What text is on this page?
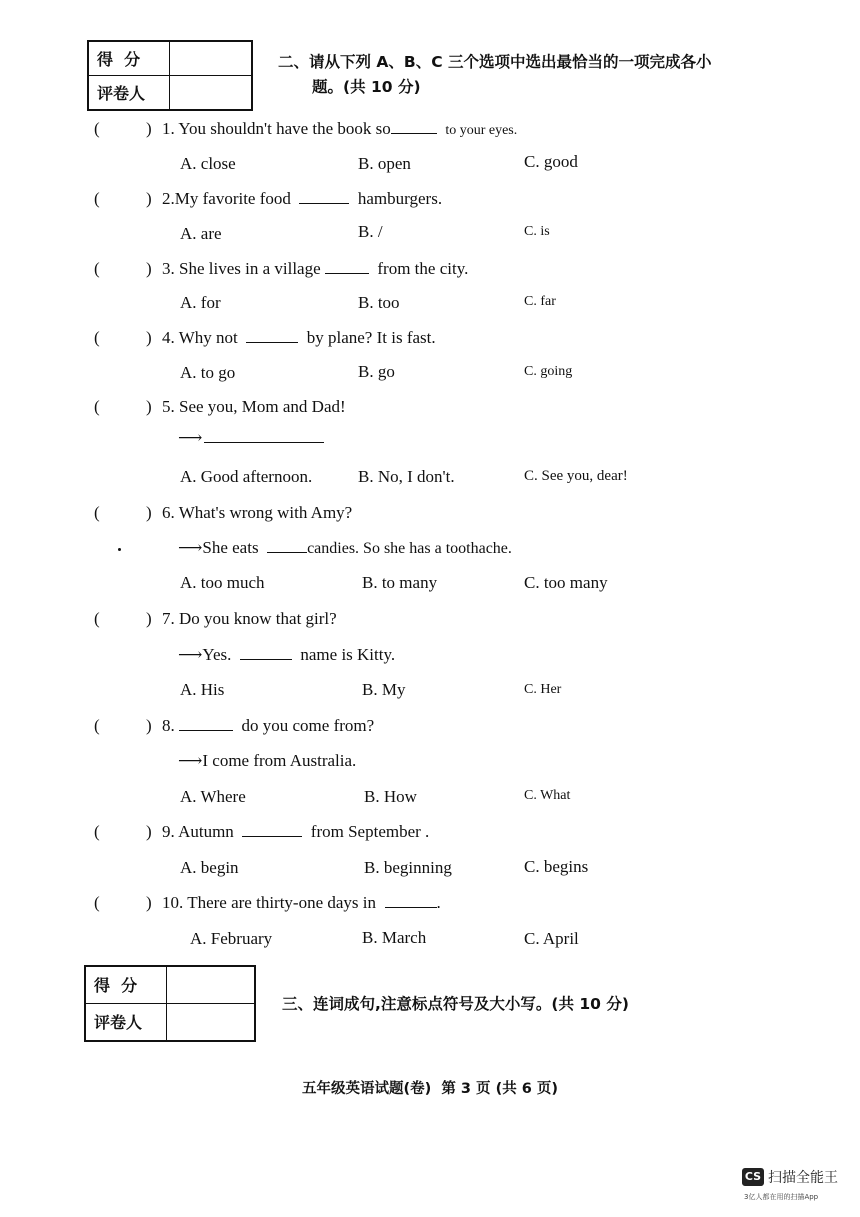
得  分	
评卷人	
二、请从下列 A、B、C 三个选项中选出最恰当的一项完成各小
题。(共 10 分)
(	) 1. You shouldn't have the book so	to your eyes.
A. close	B. open	C. good
(	) 2.My favorite food	hamburgers.
A. are	B. /	C. is
(	) 3. She lives in a village	from the city.
A. for	B. too	C. far
(	) 4. Why not	by plane? It is fast.
A. to go	B. go	C. going
(	) 5. See you, Mom and Dad!
⟶
A. Good afternoon.	B. No, I don't.	C. See you, dear!
(	) 6. What's wrong with Amy?
⟶She eats	candies. So she has a toothache.
A. too much	B. to many	C. too many
(	) 7. Do you know that girl?
⟶Yes.	name is Kitty.
A. His	B. My	C. Her
(	) 8.	do you come from?
⟶I come from Australia.
A. Where	B. How	C. What
(	) 9. Autumn	from September .
A. begin	B. beginning	C. begins
(	) 10. There are thirty-one days in	.
A. February	B. March	C. April
得  分	
评卷人	
三、连词成句,注意标点符号及大小写。(共 10 分)
五年级英语试题(卷)  第 3 页 (共 6 页)
CS 扫描全能王
3亿人都在用的扫描App
